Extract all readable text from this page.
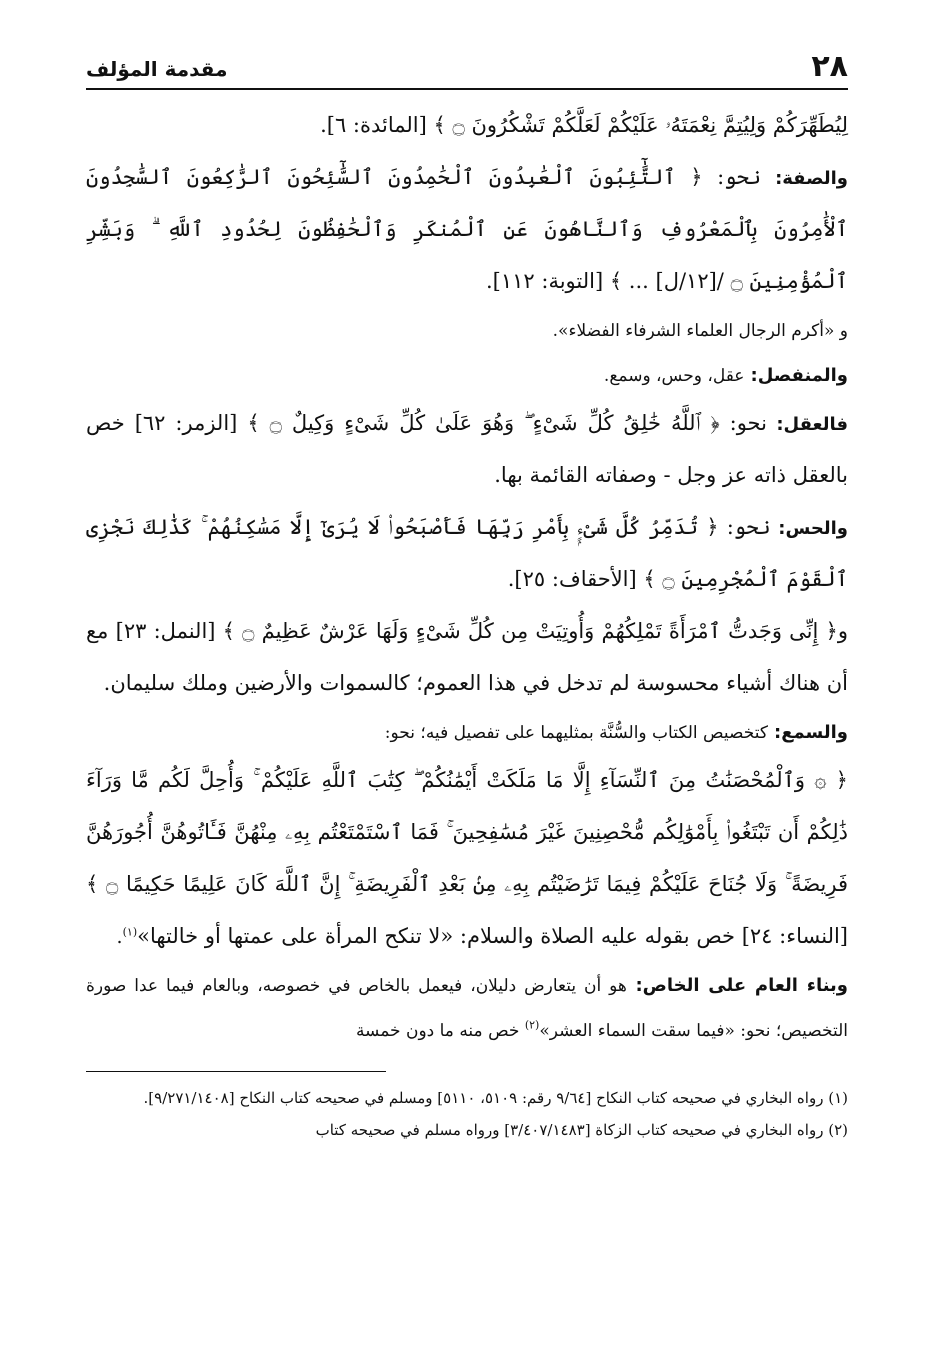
٢٨
مقدمة المؤلف

لِيُطَهِّرَكُمْ وَلِيُتِمَّ نِعْمَتَهُۥ عَلَيْكُمْ لَعَلَّكُمْ تَشْكُرُونَ ۝ ﴾ [المائدة: ٦].

والصفة: نحو: ﴿ ٱلتَّٰٓئِبُونَ ٱلْعَٰبِدُونَ ٱلْحَٰمِدُونَ ٱلسَّٰٓئِحُونَ ٱلرَّٰكِعُونَ ٱلسَّٰجِدُونَ ٱلْأَٰمِرُونَ بِٱلْمَعْرُوفِ وَٱلنَّاهُونَ عَنِ ٱلْمُنكَرِ وَٱلْحَٰفِظُونَ لِحُدُودِ ٱللَّهِ ۗ وَبَشِّرِ ٱلْمُؤْمِنِينَ ۝ /[١٢/ل] ... ﴾ [التوبة: ١١٢].

و «أكرم الرجال العلماء الشرفاء الفضلاء».

والمنفصل: عقل، وحس، وسمع.

فالعقل: نحو: ﴿ ٱللَّهُ خَٰلِقُ كُلِّ شَىْءٍ ۖ وَهُوَ عَلَىٰ كُلِّ شَىْءٍ وَكِيلٌ ۝ ﴾ [الزمر: ٦٢] خص بالعقل ذاته عز وجل - وصفاته القائمة بها.

والحس: نحو: ﴿ تُدَمِّرُ كُلَّ شَىْءٍۭ بِأَمْرِ رَبِّهَا فَأَصْبَحُوا۟ لَا يُرَىٰٓ إِلَّا مَسَٰكِنُهُمْ ۚ كَذَٰلِكَ نَجْزِى ٱلْقَوْمَ ٱلْمُجْرِمِينَ ۝ ﴾ [الأحقاف: ٢٥].

و﴿ إِنِّى وَجَدتُّ ٱمْرَأَةً تَمْلِكُهُمْ وَأُوتِيَتْ مِن كُلِّ شَىْءٍ وَلَهَا عَرْشٌ عَظِيمٌ ۝ ﴾ [النمل: ٢٣] مع أن هناك أشياء محسوسة لم تدخل في هذا العموم؛ كالسموات والأرضين وملك سليمان.

والسمع: كتخصيص الكتاب والسُّنَّة بمثليهما على تفصيل فيه؛ نحو:

﴿ ۞ وَٱلْمُحْصَنَٰتُ مِنَ ٱلنِّسَآءِ إِلَّا مَا مَلَكَتْ أَيْمَٰنُكُمْ ۖ كِتَٰبَ ٱللَّهِ عَلَيْكُمْ ۚ وَأُحِلَّ لَكُم مَّا وَرَآءَ ذَٰلِكُمْ أَن تَبْتَغُوا۟ بِأَمْوَٰلِكُم مُّحْصِنِينَ غَيْرَ مُسَٰفِحِينَ ۚ فَمَا ٱسْتَمْتَعْتُم بِهِۦ مِنْهُنَّ فَـَٔاتُوهُنَّ أُجُورَهُنَّ فَرِيضَةً ۚ وَلَا جُنَاحَ عَلَيْكُمْ فِيمَا تَرَٰضَيْتُم بِهِۦ مِنۢ بَعْدِ ٱلْفَرِيضَةِ ۚ إِنَّ ٱللَّهَ كَانَ عَلِيمًا حَكِيمًا ۝ ﴾ [النساء: ٢٤] خص بقوله عليه الصلاة والسلام: «لا تنكح المرأة على عمتها أو خالتها»$^{(١)}$.

وبناء العام على الخاص: هو أن يتعارض دليلان، فيعمل بالخاص في خصوصه، وبالعام فيما عدا صورة التخصيص؛ نحو: «فيما سقت السماء العشر»$^{(٢)}$ خص منه ما دون خمسة

(١) رواه البخاري في صحيحه كتاب النكاح [٩/٦٤ رقم: ٥١٠٩، ٥١١٠] ومسلم في صحيحه كتاب النكاح [٩/٢٧١/١٤٠٨].

(٢) رواه البخاري في صحيحه كتاب الزكاة [٣/٤٠٧/١٤٨٣] ورواه مسلم في صحيحه كتاب
